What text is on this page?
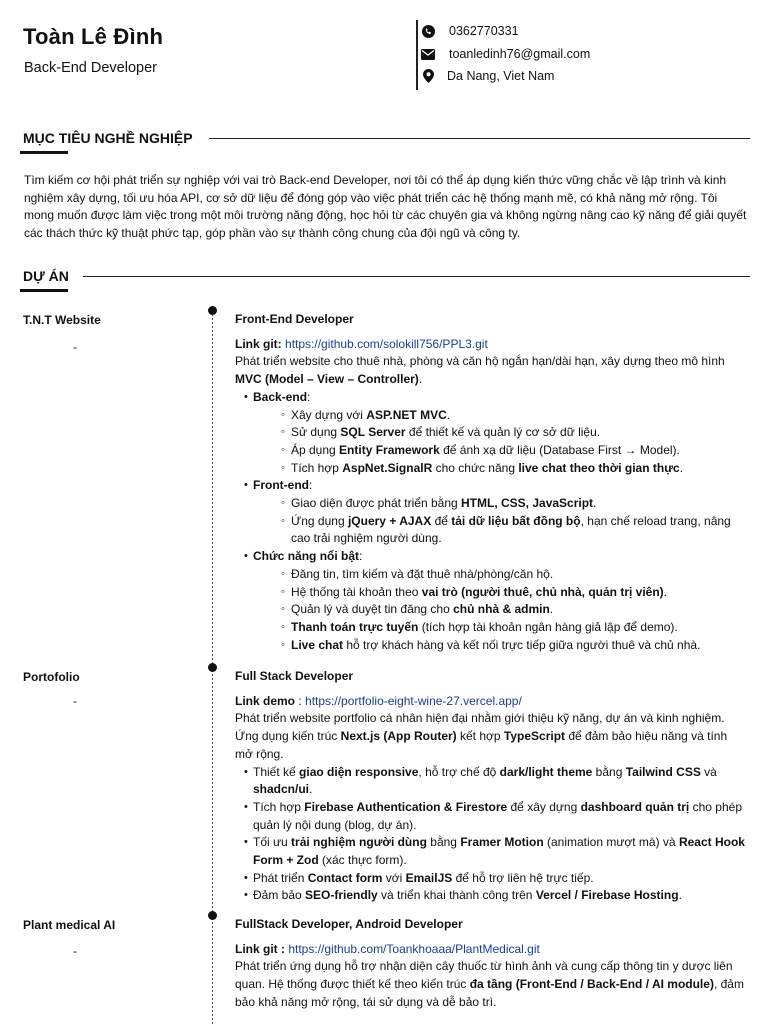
Toàn Lê Đình
Back-End Developer
0362770331
toanledinh76@gmail.com
Da Nang, Viet Nam
MỤC TIÊU NGHỀ NGHIỆP
Tìm kiếm cơ hội phát triển sự nghiệp với vai trò Back-end Developer, nơi tôi có thể áp dụng kiến thức vững chắc về lập trình và kinh nghiệm xây dựng, tối ưu hóa API, cơ sở dữ liệu để đóng góp vào việc phát triển các hệ thống mạnh mẽ, có khả năng mở rộng. Tôi mong muốn được làm việc trong một môi trường năng động, học hỏi từ các chuyên gia và không ngừng nâng cao kỹ năng để giải quyết các thách thức kỹ thuật phức tạp, góp phần vào sự thành công chung của đội ngũ và công ty.
DỰ ÁN
T.N.T Website
-

Front-End Developer

Link git: https://github.com/solokill756/PPL3.git

Phát triển website cho thuê nhà, phòng và căn hộ ngắn hạn/dài hạn, xây dựng theo mô hình
MVC (Model – View – Controller).

• Back-end:
◦ Xây dựng với ASP.NET MVC.
◦ Sử dụng SQL Server để thiết kế và quản lý cơ sở dữ liệu.
◦ Áp dụng Entity Framework để ánh xạ dữ liệu (Database First → Model).
◦ Tích hợp AspNet.SignalR cho chức năng live chat theo thời gian thực.
• Front-end:
◦ Giao diện được phát triển bằng HTML, CSS, JavaScript.
◦ Ứng dụng jQuery + AJAX để tải dữ liệu bất đồng bộ, hạn chế reload trang, nâng cao trải nghiệm người dùng.
• Chức năng nổi bật:
◦ Đăng tin, tìm kiếm và đặt thuê nhà/phòng/căn hộ.
◦ Hệ thống tài khoản theo vai trò (người thuê, chủ nhà, quản trị viên).
◦ Quản lý và duyệt tin đăng cho chủ nhà & admin.
◦ Thanh toán trực tuyến (tích hợp tài khoản ngân hàng giả lập để demo).
◦ Live chat hỗ trợ khách hàng và kết nối trực tiếp giữa người thuê và chủ nhà.
Portofolio
-

Full Stack Developer

Link demo : https://portfolio-eight-wine-27.vercel.app/

Phát triển website portfolio cá nhân hiện đại nhằm giới thiệu kỹ năng, dự án và kinh nghiệm.
Ứng dụng kiến trúc Next.js (App Router) kết hợp TypeScript để đảm bảo hiệu năng và tính mở rộng.

• Thiết kế giao diện responsive, hỗ trợ chế độ dark/light theme bằng Tailwind CSS và shadcn/ui.
• Tích hợp Firebase Authentication & Firestore để xây dựng dashboard quản trị cho phép quản lý nội dung (blog, dự án).
• Tối ưu trải nghiệm người dùng bằng Framer Motion (animation mượt mà) và React Hook Form + Zod (xác thực form).
• Phát triển Contact form với EmailJS để hỗ trợ liên hệ trực tiếp.
• Đảm bảo SEO-friendly và triển khai thành công trên Vercel / Firebase Hosting.
Plant medical AI
-

FullStack Developer, Android Developer

Link git : https://github.com/Toankhoaaa/PlantMedical.git

Phát triển ứng dụng hỗ trợ nhận diện cây thuốc từ hình ảnh và cung cấp thông tin y dược liên quan. Hệ thống được thiết kế theo kiến trúc đa tầng (Front-End / Back-End / AI module), đảm bảo khả năng mở rộng, tái sử dụng và dễ bảo trì.
